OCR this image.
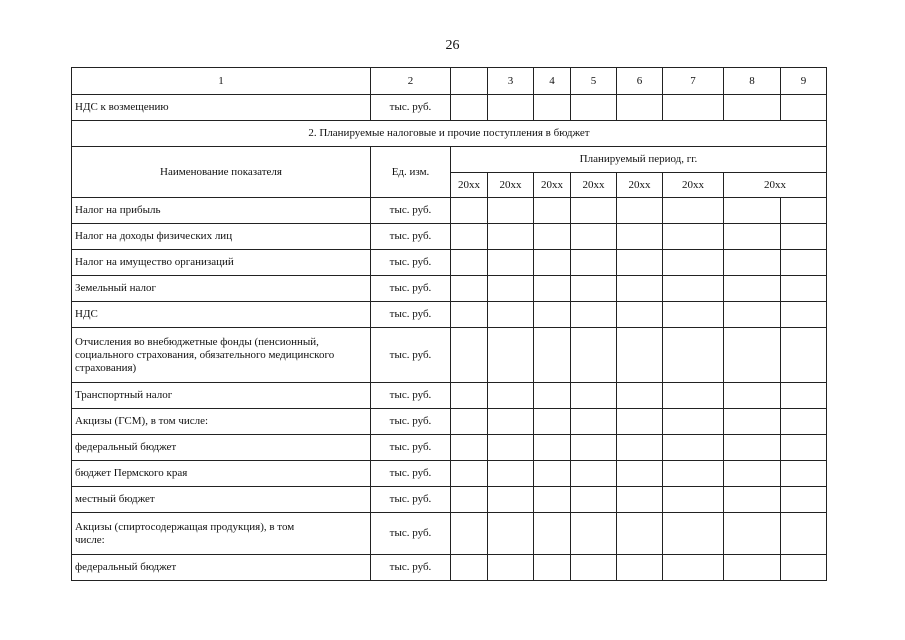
26
1	2		3	4	5	6	7	8	9
НДС к возмещению	тыс. руб.								
2. Планируемые налоговые и прочие поступления в бюджет									
Наименование показателя	Ед. изм.	Планируемый период, гг.							
		20xx	20xx	20xx	20xx	20xx	20xx	20xx	
Налог на прибыль	тыс. руб.								
Налог на доходы физических лиц	тыс. руб.								
Налог на имущество организаций	тыс. руб.								
Земельный налог	тыс. руб.								
НДС	тыс. руб.								
Отчисления во внебюджетные фонды (пенсионный, социального страхования, обязательного медицинского страхования)	тыс. руб.								
Транспортный налог	тыс. руб.								
Акцизы (ГСМ), в том числе:	тыс. руб.								
федеральный бюджет	тыс. руб.								
бюджет Пермского края	тыс. руб.								
местный бюджет	тыс. руб.								
Акцизы (спиртосодержащая продукция), в том числе:	тыс. руб.								
федеральный бюджет	тыс. руб.								
